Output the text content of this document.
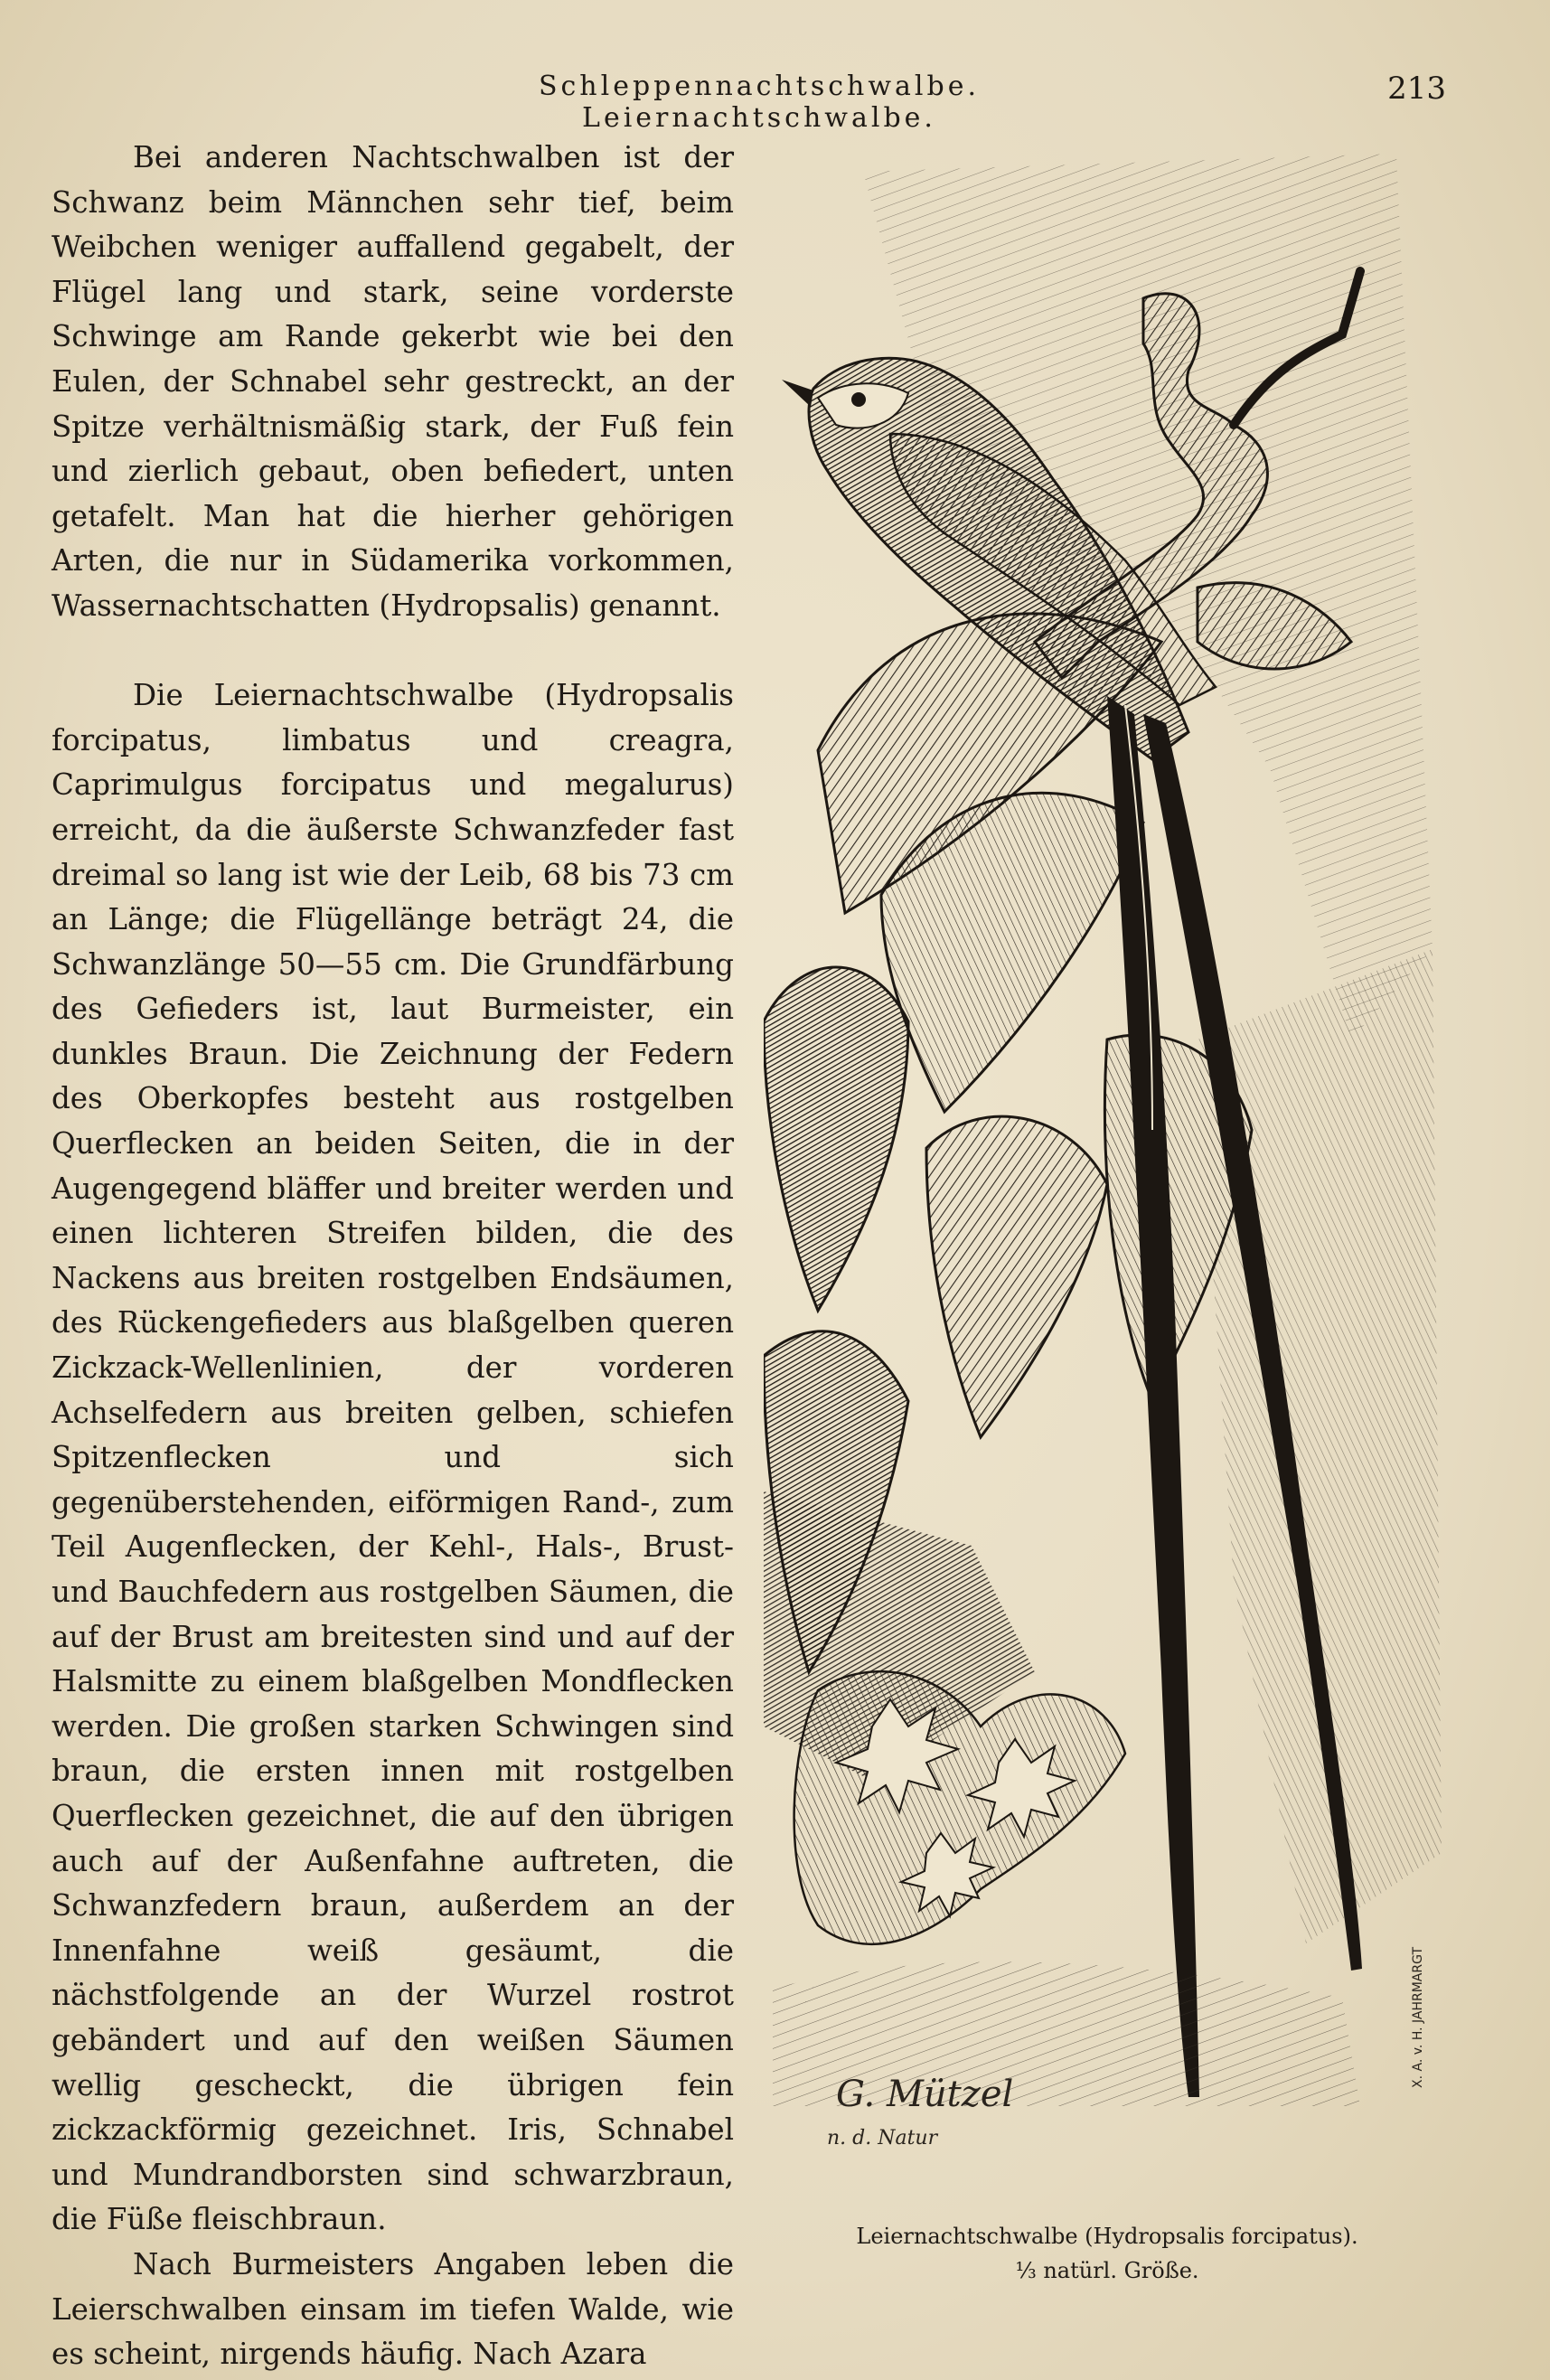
Schleppennachtschwalbe. Leiernachtschwalbe.
213

Bei anderen Nachtschwalben ist der Schwanz beim Männchen sehr tief, beim Weibchen weniger auffallend gegabelt, der Flügel lang und stark, seine vorderste Schwinge am Rande gekerbt wie bei den Eulen, der Schnabel sehr gestreckt, an der Spitze verhältnismäßig stark, der Fuß fein und zierlich gebaut, oben befiedert, unten getafelt. Man hat die hierher gehörigen Arten, die nur in Südamerika vorkommen, Wassernachtschatten (Hydropsalis) genannt.

Die Leiernachtschwalbe (Hydropsalis forcipatus, limbatus und creagra, Caprimulgus forcipatus und megalurus) erreicht, da die äußerste Schwanzfeder fast dreimal so lang ist wie der Leib, 68 bis 73 cm an Länge; die Flügellänge beträgt 24, die Schwanzlänge 50—55 cm. Die Grundfärbung des Gefieders ist, laut Burmeister, ein dunkles Braun. Die Zeichnung der Federn des Oberkopfes besteht aus rostgelben Querflecken an beiden Seiten, die in der Augengegend bläffer und breiter werden und einen lichteren Streifen bilden, die des Nackens aus breiten rostgelben Endsäumen, des Rückengefieders aus blaßgelben queren Zickzack-Wellenlinien, der vorderen Achselfedern aus breiten gelben, schiefen Spitzenflecken und sich gegenüberstehenden, eiförmigen Rand-, zum Teil Augenflecken, der Kehl-, Hals-, Brust- und Bauchfedern aus rostgelben Säumen, die auf der Brust am breitesten sind und auf der Halsmitte zu einem blaßgelben Mondflecken werden. Die großen starken Schwingen sind braun, die ersten innen mit rostgelben Querflecken gezeichnet, die auf den übrigen auch auf der Außenfahne auftreten, die Schwanzfedern braun, außerdem an der Innenfahne weiß gesäumt, die nächstfolgende an der Wurzel rostrot gebändert und auf den weißen Säumen wellig gescheckt, die übrigen fein zickzackförmig gezeichnet. Iris, Schnabel und Mundrandborsten sind schwarzbraun, die Füße fleischbraun.

Nach Burmeisters Angaben leben die Leierschwalben einsam im tiefen Walde, wie es scheint, nirgends häufig. Nach Azara

G. Mützel
n. d. Natur
X. A. v. H. JAHRMARGT
Leiernachtschwalbe (Hydropsalis forcipatus).
⅓ natürl. Größe.
